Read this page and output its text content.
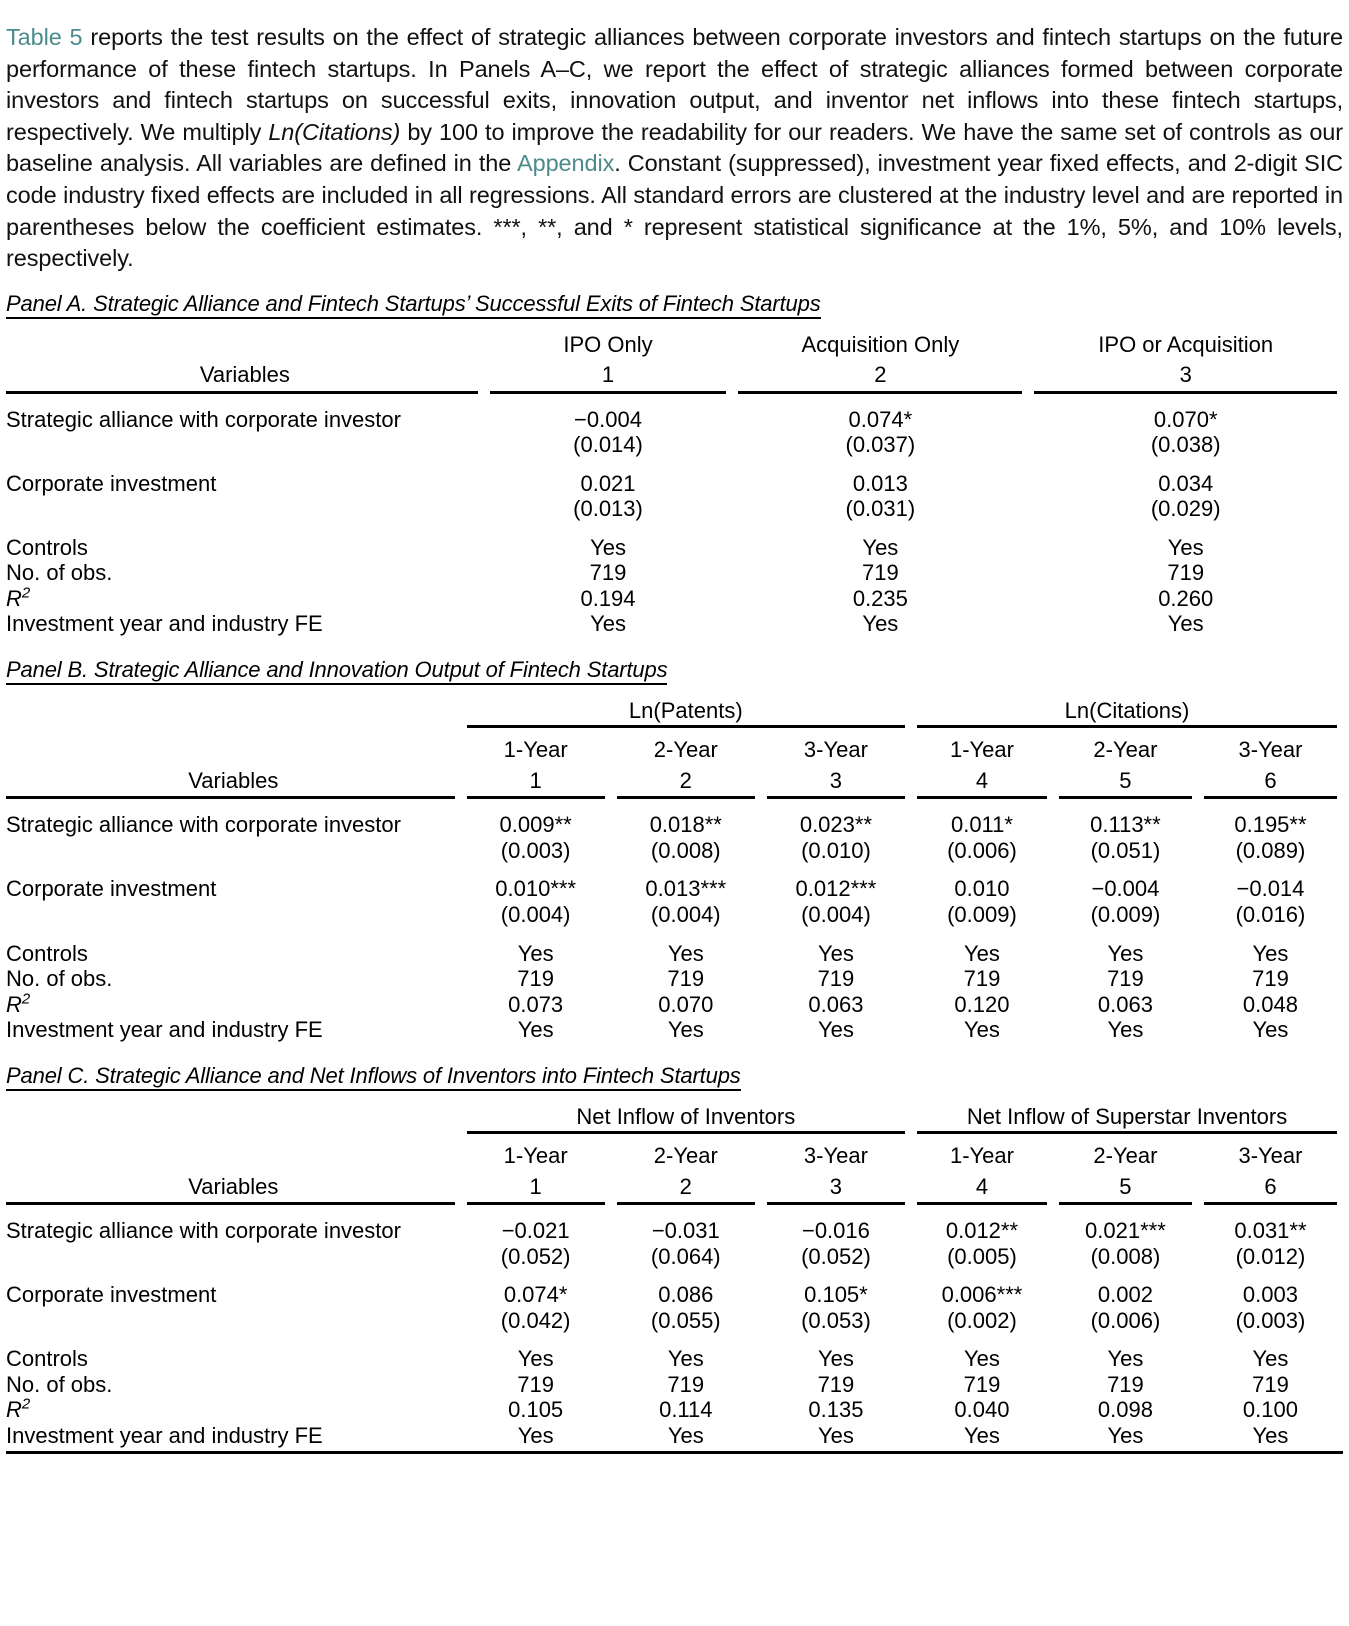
Table 5 reports the test results on the effect of strategic alliances between corporate investors and fintech startups on the future performance of these fintech startups. In Panels A–C, we report the effect of strategic alliances formed between corporate investors and fintech startups on successful exits, innovation output, and inventor net inflows into these fintech startups, respectively. We multiply Ln(Citations) by 100 to improve the readability for our readers. We have the same set of controls as our baseline analysis. All variables are defined in the Appendix. Constant (suppressed), investment year fixed effects, and 2-digit SIC code industry fixed effects are included in all regressions. All standard errors are clustered at the industry level and are reported in parentheses below the coefficient estimates. ***, **, and * represent statistical significance at the 1%, 5%, and 10% levels, respectively.

Panel A. Strategic Alliance and Fintech Startups’ Successful Exits of Fintech Startups

	IPO Only	Acquisition Only	IPO or Acquisition

Variables	1	2	3

Strategic alliance with corporate investor	−0.004	0.074*	0.070*
	(0.014)	(0.037)	(0.038)

Corporate investment	0.021	0.013	0.034
	(0.013)	(0.031)	(0.029)

Controls	Yes	Yes	Yes
No. of obs.	719	719	719
$R^2$	0.194	0.235	0.260
Investment year and industry FE	Yes	Yes	Yes
Panel B. Strategic Alliance and Innovation Output of Fintech Startups

	Ln(Patents)			Ln(Citations)		

	1-Year	2-Year	3-Year	1-Year	2-Year	3-Year

Variables	1	2	3	4	5	6

Strategic alliance with corporate investor	0.009**	0.018**	0.023**	0.011*	0.113**	0.195**
	(0.003)	(0.008)	(0.010)	(0.006)	(0.051)	(0.089)

Corporate investment	0.010***	0.013***	0.012***	0.010	−0.004	−0.014
	(0.004)	(0.004)	(0.004)	(0.009)	(0.009)	(0.016)

Controls	Yes	Yes	Yes	Yes	Yes	Yes
No. of obs.	719	719	719	719	719	719
$R^2$	0.073	0.070	0.063	0.120	0.063	0.048
Investment year and industry FE	Yes	Yes	Yes	Yes	Yes	Yes
Panel C. Strategic Alliance and Net Inflows of Inventors into Fintech Startups

	Net Inflow of Inventors			Net Inflow of Superstar Inventors		

	1-Year	2-Year	3-Year	1-Year	2-Year	3-Year

Variables	1	2	3	4	5	6

Strategic alliance with corporate investor	−0.021	−0.031	−0.016	0.012**	0.021***	0.031**
	(0.052)	(0.064)	(0.052)	(0.005)	(0.008)	(0.012)

Corporate investment	0.074*	0.086	0.105*	0.006***	0.002	0.003
	(0.042)	(0.055)	(0.053)	(0.002)	(0.006)	(0.003)

Controls	Yes	Yes	Yes	Yes	Yes	Yes
No. of obs.	719	719	719	719	719	719
$R^2$	0.105	0.114	0.135	0.040	0.098	0.100
Investment year and industry FE	Yes	Yes	Yes	Yes	Yes	Yes
